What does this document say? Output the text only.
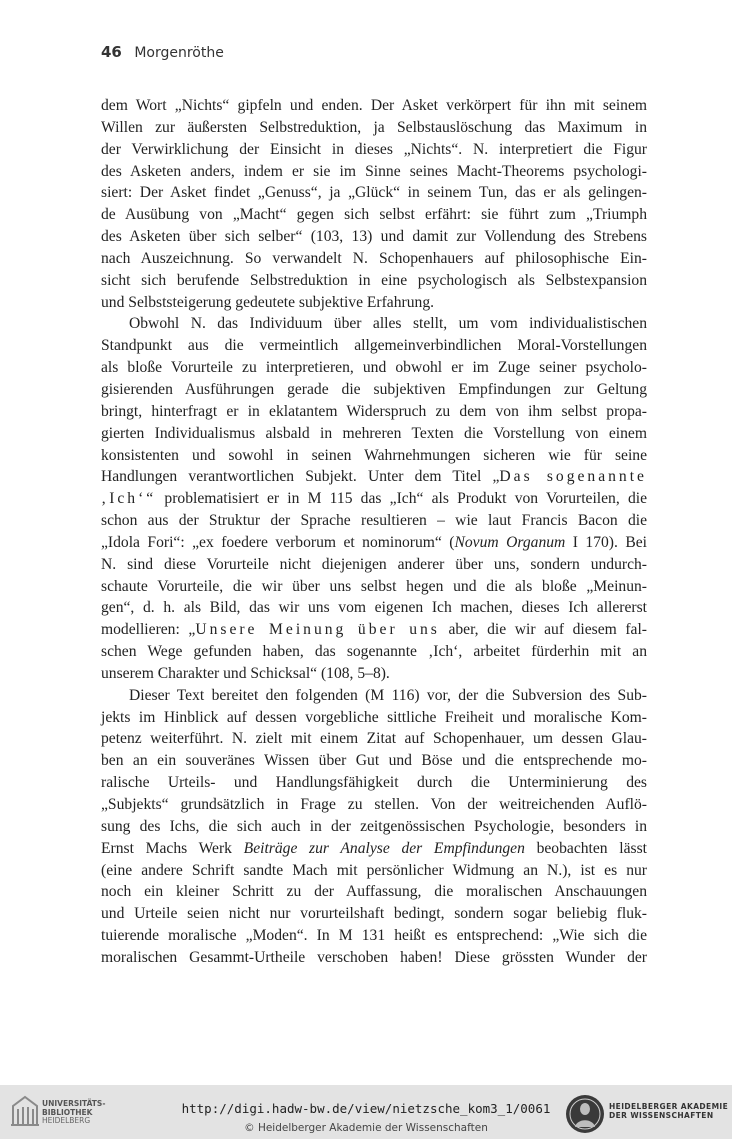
46 Morgenröthe
dem Wort „Nichts“ gipfeln und enden. Der Asket verkörpert für ihn mit seinem
Willen zur äußersten Selbstreduktion, ja Selbstauslöschung das Maximum in
der Verwirklichung der Einsicht in dieses „Nichts“. N. interpretiert die Figur
des Asketen anders, indem er sie im Sinne seines Macht-Theorems psychologi-
siert: Der Asket findet „Genuss“, ja „Glück“ in seinem Tun, das er als gelingen-
de Ausübung von „Macht“ gegen sich selbst erfährt: sie führt zum „Triumph
des Asketen über sich selber“ (103, 13) und damit zur Vollendung des Strebens
nach Auszeichnung. So verwandelt N. Schopenhauers auf philosophische Ein-
sicht sich berufende Selbstreduktion in eine psychologisch als Selbstexpansion
und Selbststeigerung gedeutete subjektive Erfahrung.
Obwohl N. das Individuum über alles stellt, um vom individualistischen
Standpunkt aus die vermeintlich allgemeinverbindlichen Moral-Vorstellungen
als bloße Vorurteile zu interpretieren, und obwohl er im Zuge seiner psycholo-
gisierenden Ausführungen gerade die subjektiven Empfindungen zur Geltung
bringt, hinterfragt er in eklatantem Widerspruch zu dem von ihm selbst propa-
gierten Individualismus alsbald in mehreren Texten die Vorstellung von einem
konsistenten und sowohl in seinen Wahrnehmungen sicheren wie für seine
Handlungen verantwortlichen Subjekt. Unter dem Titel „Das sogenannte
‚Ich‘“ problematisiert er in M 115 das „Ich“ als Produkt von Vorurteilen, die
schon aus der Struktur der Sprache resultieren – wie laut Francis Bacon die
„Idola Fori“: „ex foedere verborum et nominorum“ (Novum Organum I 170). Bei
N. sind diese Vorurteile nicht diejenigen anderer über uns, sondern undurch-
schaute Vorurteile, die wir über uns selbst hegen und die als bloße „Meinun-
gen“, d. h. als Bild, das wir uns vom eigenen Ich machen, dieses Ich allererst
modellieren: „Unsere Meinung über uns aber, die wir auf diesem fal-
schen Wege gefunden haben, das sogenannte ‚Ich‘, arbeitet fürderhin mit an
unserem Charakter und Schicksal“ (108, 5–8).
Dieser Text bereitet den folgenden (M 116) vor, der die Subversion des Sub-
jekts im Hinblick auf dessen vorgebliche sittliche Freiheit und moralische Kom-
petenz weiterführt. N. zielt mit einem Zitat auf Schopenhauer, um dessen Glau-
ben an ein souveränes Wissen über Gut und Böse und die entsprechende mo-
ralische Urteils- und Handlungsfähigkeit durch die Unterminierung des
„Subjekts“ grundsätzlich in Frage zu stellen. Von der weitreichenden Auflö-
sung des Ichs, die sich auch in der zeitgenössischen Psychologie, besonders in
Ernst Machs Werk Beiträge zur Analyse der Empfindungen beobachten lässt
(eine andere Schrift sandte Mach mit persönlicher Widmung an N.), ist es nur
noch ein kleiner Schritt zu der Auffassung, die moralischen Anschauungen
und Urteile seien nicht nur vorurteilshaft bedingt, sondern sogar beliebig fluk-
tuierende moralische „Moden“. In M 131 heißt es entsprechend: „Wie sich die
moralischen Gesammt-Urtheile verschoben haben! Diese grössten Wunder der
UNIVERSITÄTS-
BIBLIOTHEK
HEIDELBERG
http://digi.hadw-bw.de/view/nietzsche_kom3_1/0061
© Heidelberger Akademie der Wissenschaften
HEIDELBERGER AKADEMIE
DER WISSENSCHAFTEN
